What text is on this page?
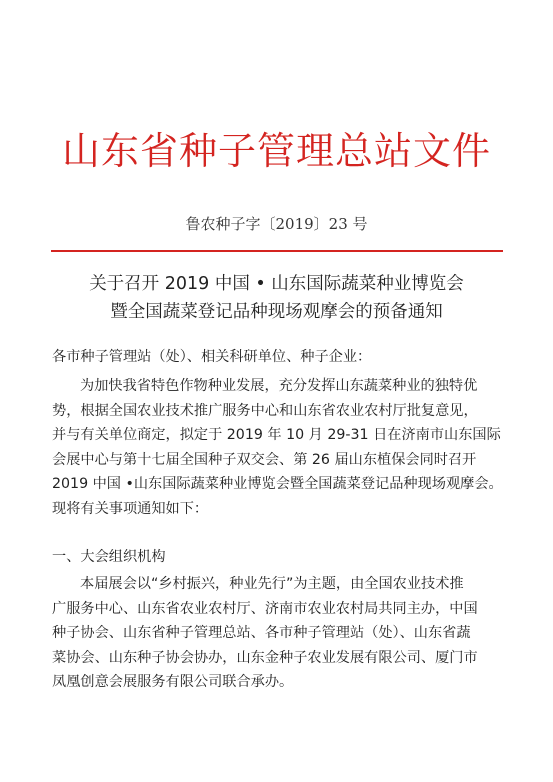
山东省种子管理总站文件
鲁农种子字〔2019〕23 号
关于召开 2019 中国 • 山东国际蔬菜种业博览会
暨全国蔬菜登记品种现场观摩会的预备通知
各市种子管理站（处）、相关科研单位、种子企业：
为加快我省特色作物种业发展，充分发挥山东蔬菜种业的独特优
势，根据全国农业技术推广服务中心和山东省农业农村厅批复意见，
并与有关单位商定，拟定于 2019 年 10 月 29-31 日在济南市山东国际
会展中心与第十七届全国种子双交会、第 26 届山东植保会同时召开
2019 中国 •山东国际蔬菜种业博览会暨全国蔬菜登记品种现场观摩会。
现将有关事项通知如下：
一、大会组织机构
本届展会以“乡村振兴，种业先行”为主题，由全国农业技术推
广服务中心、山东省农业农村厅、济南市农业农村局共同主办，中国
种子协会、山东省种子管理总站、各市种子管理站（处）、山东省蔬
菜协会、山东种子协会协办，山东金种子农业发展有限公司、厦门市
凤凰创意会展服务有限公司联合承办。
